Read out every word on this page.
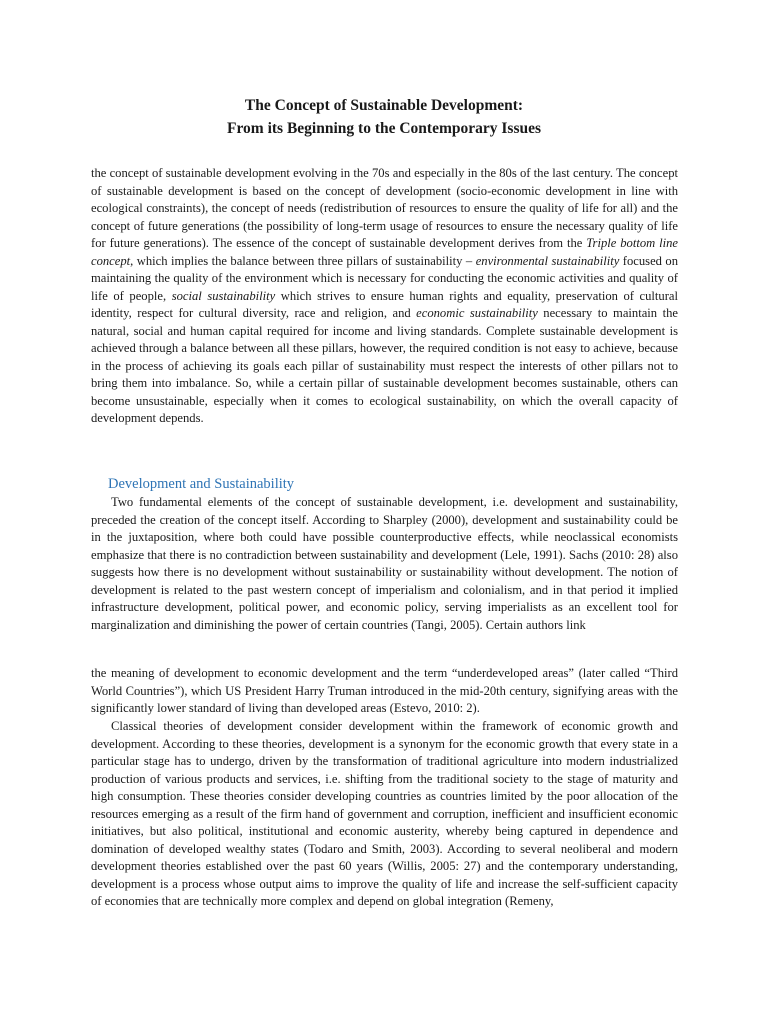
The Concept of Sustainable Development:
From its Beginning to the Contemporary Issues

the concept of sustainable development evolving in the 70s and especially in the 80s of the last century. The concept of sustainable development is based on the concept of development (socio-economic development in line with ecological constraints), the concept of needs (redistribution of resources to ensure the quality of life for all) and the concept of future generations (the possibility of long-term usage of resources to ensure the necessary quality of life for future generations). The essence of the concept of sustainable development derives from the Triple bottom line concept, which implies the balance between three pillars of sustainability – environmental sustainability focused on maintaining the quality of the environment which is necessary for conducting the economic activities and quality of life of people, social sustainability which strives to ensure human rights and equality, preservation of cultural identity, respect for cultural diversity, race and religion, and economic sustainability necessary to maintain the natural, social and human capital required for income and living standards. Complete sustainable development is achieved through a balance between all these pillars, however, the required condition is not easy to achieve, because in the process of achieving its goals each pillar of sustainability must respect the interests of other pillars not to bring them into imbalance. So, while a certain pillar of sustainable development becomes sustainable, others can become unsustainable, especially when it comes to ecological sustainability, on which the overall capacity of development depends.

Development and Sustainability

Two fundamental elements of the concept of sustainable development, i.e. development and sustainability, preceded the creation of the concept itself. According to Sharpley (2000), development and sustainability could be in the juxtaposition, where both could have possible counterproductive effects, while neoclassical economists emphasize that there is no contradiction between sustainability and development (Lele, 1991). Sachs (2010: 28) also suggests how there is no development without sustainability or sustainability without development. The notion of development is related to the past western concept of imperialism and colonialism, and in that period it implied infrastructure development, political power, and economic policy, serving imperialists as an excellent tool for marginalization and diminishing the power of certain countries (Tangi, 2005). Certain authors link

the meaning of development to economic development and the term “underdeveloped areas” (later called “Third World Countries”), which US President Harry Truman introduced in the mid-20th century, signifying areas with the significantly lower standard of living than developed areas (Estevo, 2010: 2).

Classical theories of development consider development within the framework of economic growth and development. According to these theories, development is a synonym for the economic growth that every state in a particular stage has to undergo, driven by the transformation of traditional agriculture into modern industrialized production of various products and services, i.e. shifting from the traditional society to the stage of maturity and high consumption. These theories consider developing countries as countries limited by the poor allocation of the resources emerging as a result of the firm hand of government and corruption, inefficient and insufficient economic initiatives, but also political, institutional and economic austerity, whereby being captured in dependence and domination of developed wealthy states (Todaro and Smith, 2003). According to several neoliberal and modern development theories established over the past 60 years (Willis, 2005: 27) and the contemporary understanding, development is a process whose output aims to improve the quality of life and increase the self-sufficient capacity of economies that are technically more complex and depend on global integration (Remeny,
